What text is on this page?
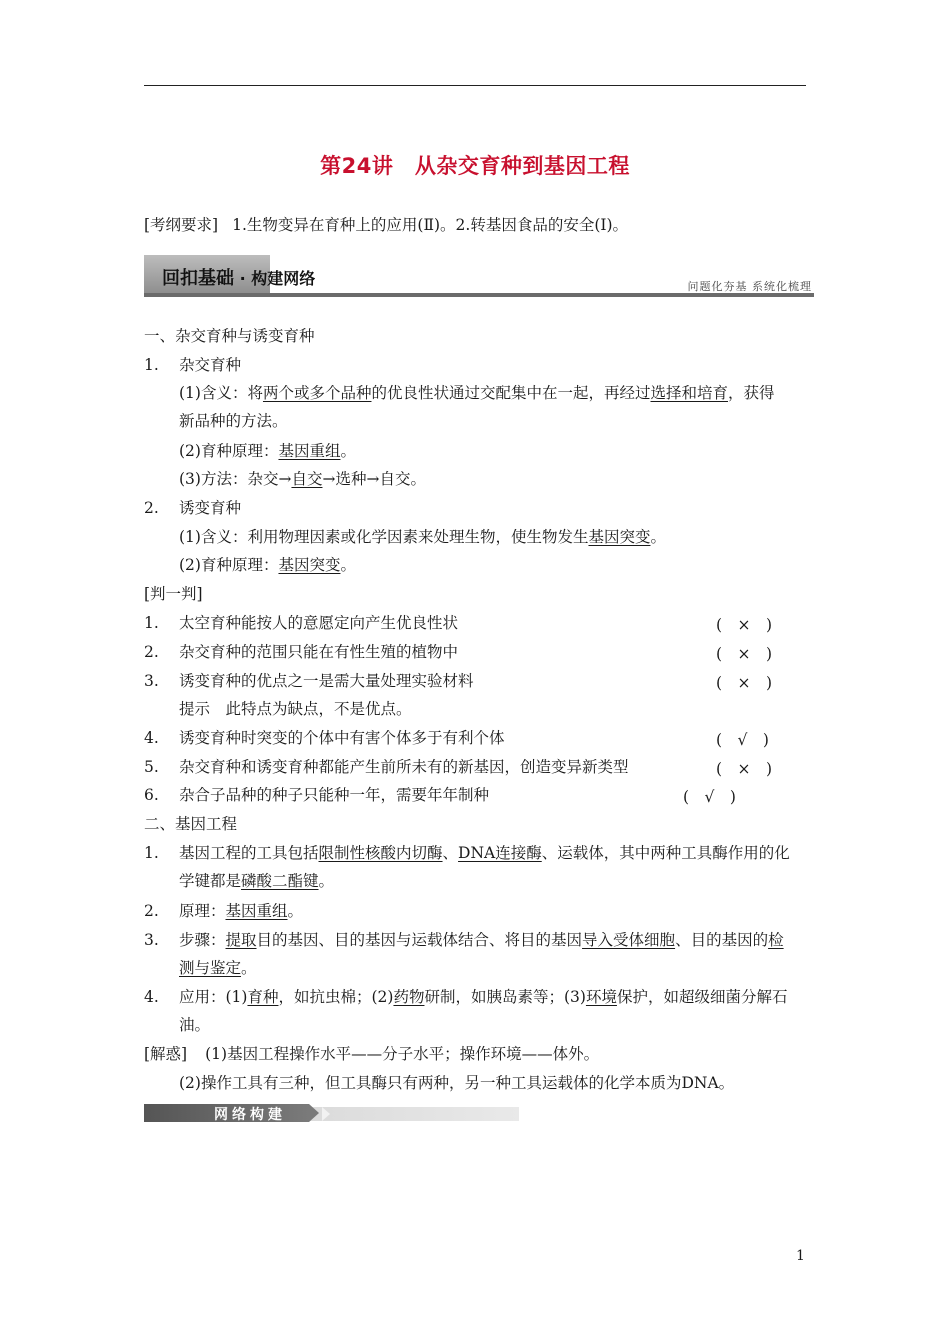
第24讲　从杂交育种到基因工程
[考纲要求] 1.生物变异在育种上的应用(Ⅱ)。2.转基因食品的安全(Ⅰ)。
回扣基础 · 构建网络	问题化夯基 系统化梳理
一、杂交育种与诱变育种
1. 杂交育种
(1)含义：将两个或多个品种的优良性状通过交配集中在一起，再经过选择和培育，获得
新品种的方法。
(2)育种原理：基因重组。
(3)方法：杂交→自交→选种→自交。
2. 诱变育种
(1)含义：利用物理因素或化学因素来处理生物，使生物发生基因突变。
(2)育种原理：基因突变。
[判一判]
1. 太空育种能按人的意愿定向产生优良性状	(　×　)
2. 杂交育种的范围只能在有性生殖的植物中	(　×　)
3. 诱变育种的优点之一是需大量处理实验材料	(　×　)
提示　此特点为缺点，不是优点。
4. 诱变育种时突变的个体中有害个体多于有利个体	(　√　)
5. 杂交育种和诱变育种都能产生前所未有的新基因，创造变异新类型	(　×　)
6. 杂合子品种的种子只能种一年，需要年年制种	(　√　)
二、基因工程
1. 基因工程的工具包括限制性核酸内切酶、DNA连接酶、运载体，其中两种工具酶作用的化
学键都是磷酸二酯键。
2. 原理：基因重组。
3. 步骤：提取目的基因、目的基因与运载体结合、将目的基因导入受体细胞、目的基因的检
测与鉴定。
4. 应用：(1)育种，如抗虫棉；(2)药物研制，如胰岛素等；(3)环境保护，如超级细菌分解石
油。
[解惑] (1)基因工程操作水平——分子水平；操作环境——体外。
(2)操作工具有三种，但工具酶只有两种，另一种工具运载体的化学本质为DNA。
网络构建
1
